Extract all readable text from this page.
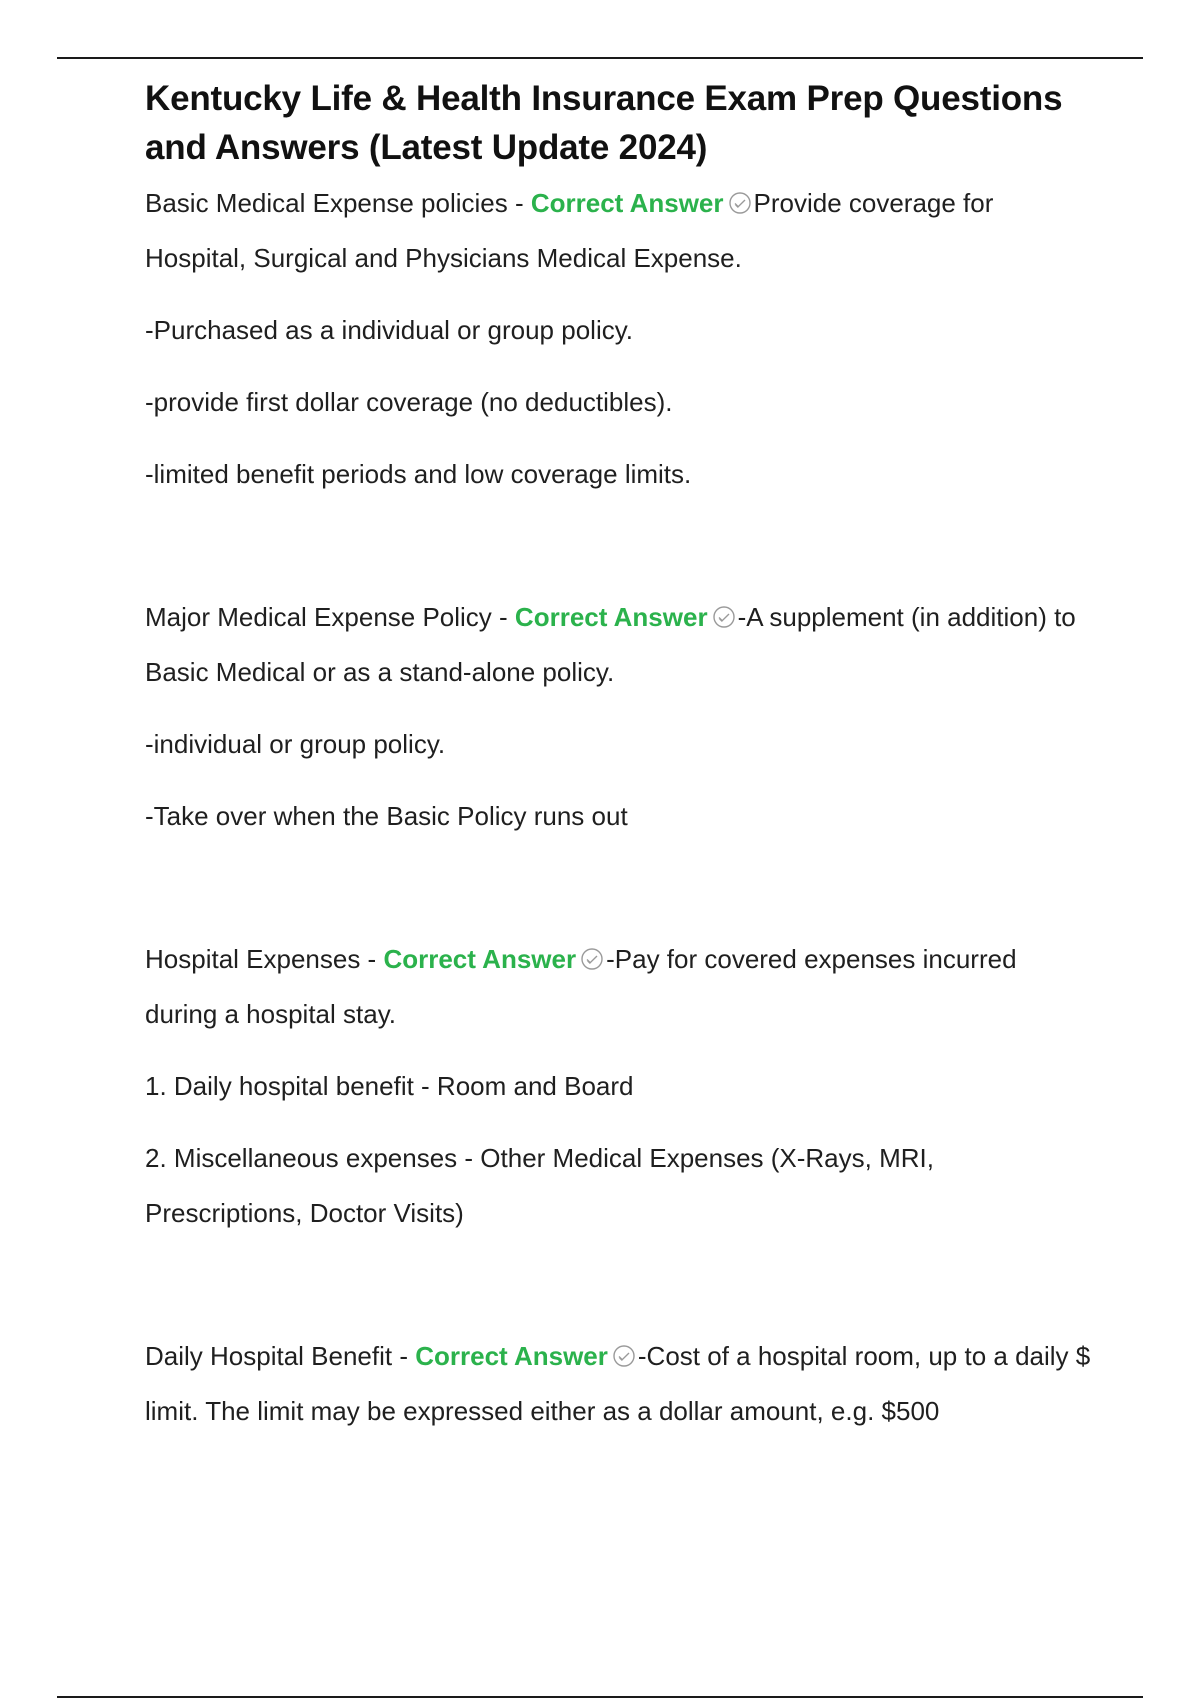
Kentucky Life & Health Insurance Exam Prep Questions and Answers (Latest Update 2024)

Basic Medical Expense policies - Correct Answer Provide coverage for Hospital, Surgical and Physicians Medical Expense.

-Purchased as a individual or group policy.

-provide first dollar coverage (no deductibles).

-limited benefit periods and low coverage limits.

Major Medical Expense Policy - Correct Answer -A supplement (in addition) to Basic Medical or as a stand-alone policy.

-individual or group policy.

-Take over when the Basic Policy runs out

Hospital Expenses - Correct Answer -Pay for covered expenses incurred during a hospital stay.

1. Daily hospital benefit - Room and Board

2. Miscellaneous expenses - Other Medical Expenses (X-Rays, MRI, Prescriptions, Doctor Visits)

Daily Hospital Benefit - Correct Answer -Cost of a hospital room, up to a daily $ limit. The limit may be expressed either as a dollar amount, e.g. $500
